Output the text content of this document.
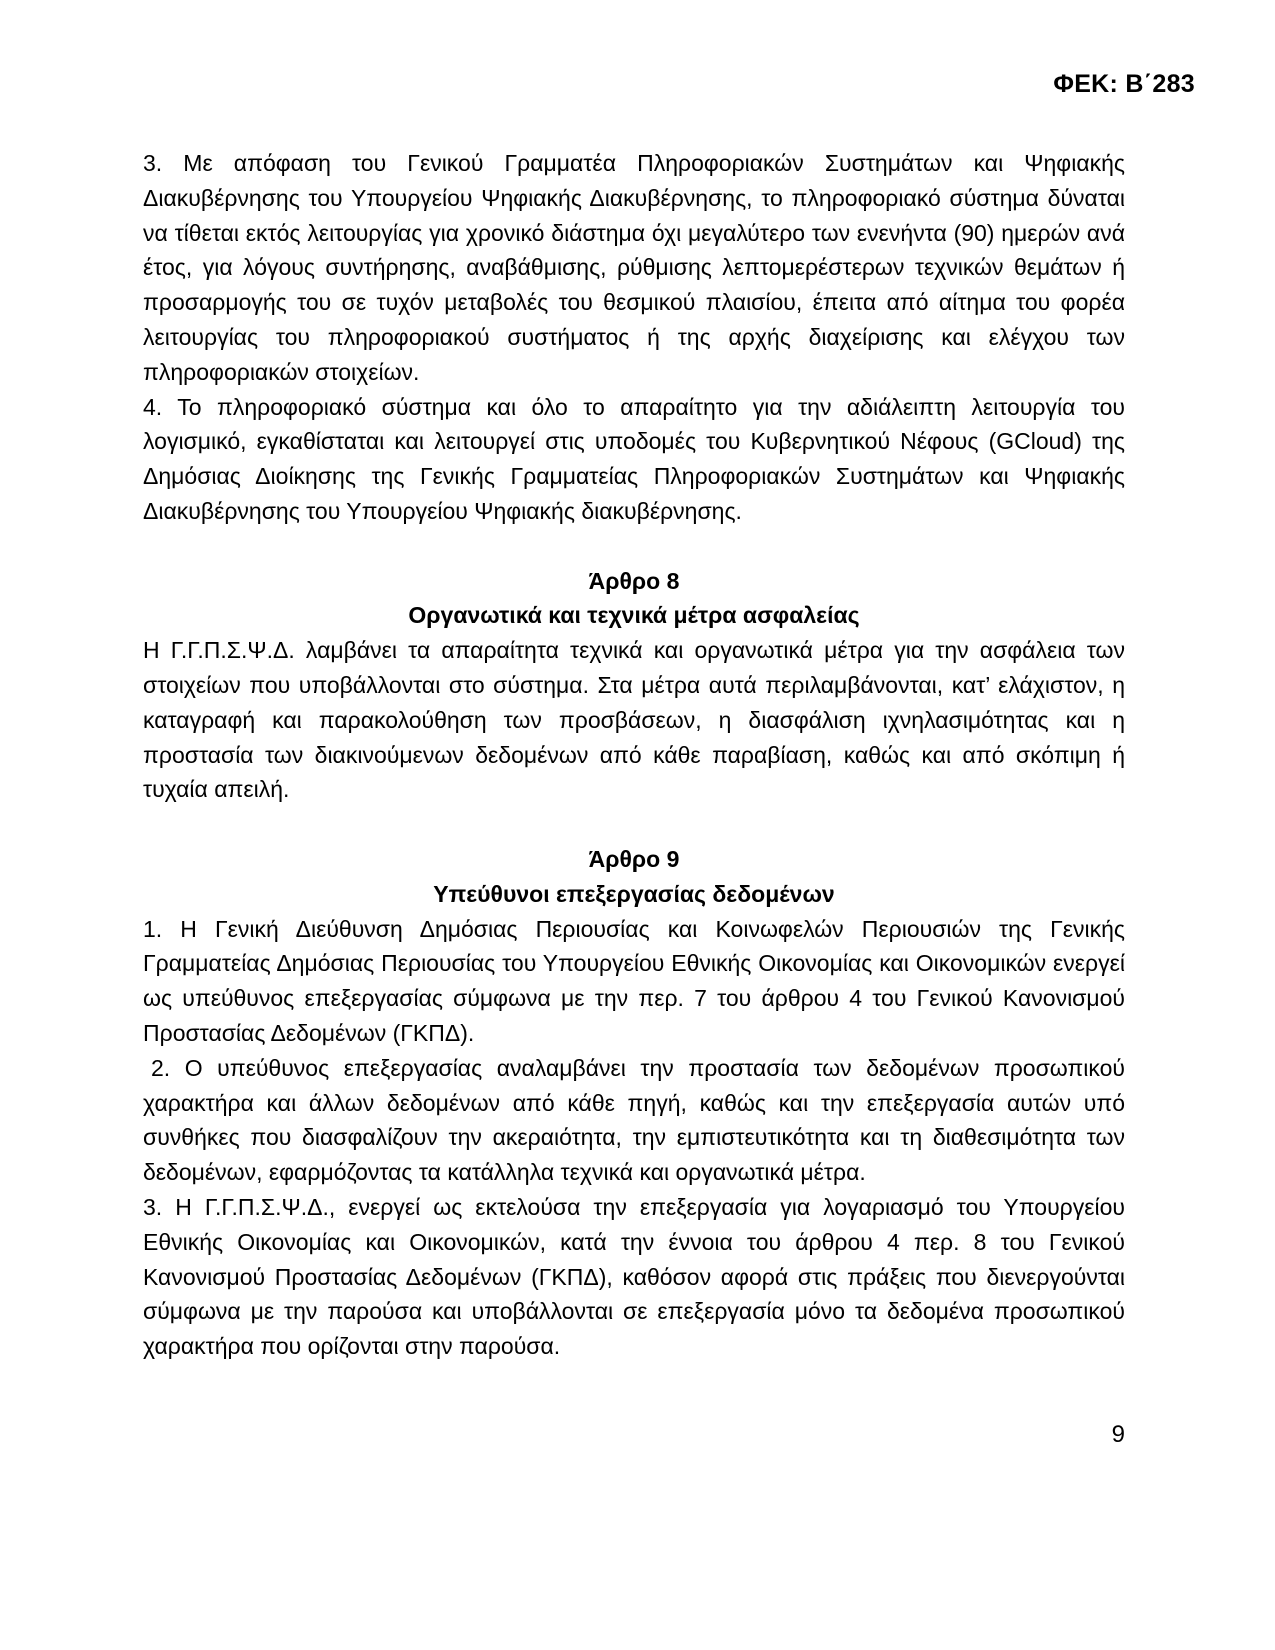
ΦΕΚ: Β΄283

3. Με απόφαση του Γενικού Γραμματέα Πληροφοριακών Συστημάτων και Ψηφιακής Διακυβέρνησης του Υπουργείου Ψηφιακής Διακυβέρνησης, το πληροφοριακό σύστημα δύναται να τίθεται εκτός λειτουργίας για χρονικό διάστημα όχι μεγαλύτερο των ενενήντα (90) ημερών ανά έτος, για λόγους συντήρησης, αναβάθμισης, ρύθμισης λεπτομερέστερων τεχνικών θεμάτων ή προσαρμογής του σε τυχόν μεταβολές του θεσμικού πλαισίου, έπειτα από αίτημα του φορέα λειτουργίας του πληροφοριακού συστήματος ή της αρχής διαχείρισης και ελέγχου των πληροφοριακών στοιχείων.

4. Το πληροφοριακό σύστημα και όλο το απαραίτητο για την αδιάλειπτη λειτουργία του λογισμικό, εγκαθίσταται και λειτουργεί στις υποδομές του Κυβερνητικού Νέφους (GCloud) της Δημόσιας Διοίκησης της Γενικής Γραμματείας Πληροφοριακών Συστημάτων και Ψηφιακής Διακυβέρνησης του Υπουργείου Ψηφιακής διακυβέρνησης.

Άρθρο 8
Οργανωτικά και τεχνικά μέτρα ασφαλείας

Η Γ.Γ.Π.Σ.Ψ.Δ. λαμβάνει τα απαραίτητα τεχνικά και οργανωτικά μέτρα για την ασφάλεια των στοιχείων που υποβάλλονται στο σύστημα. Στα μέτρα αυτά περιλαμβάνονται, κατ’ ελάχιστον, η καταγραφή και παρακολούθηση των προσβάσεων, η διασφάλιση ιχνηλασιμότητας και η προστασία των διακινούμενων δεδομένων από κάθε παραβίαση, καθώς και από σκόπιμη ή τυχαία απειλή.

Άρθρο 9
Υπεύθυνοι επεξεργασίας δεδομένων

1. Η Γενική Διεύθυνση Δημόσιας Περιουσίας και Κοινωφελών Περιουσιών της Γενικής Γραμματείας Δημόσιας Περιουσίας του Υπουργείου Εθνικής Οικονομίας και Οικονομικών ενεργεί ως υπεύθυνος επεξεργασίας σύμφωνα με την περ. 7 του άρθρου 4 του Γενικού Κανονισμού Προστασίας Δεδομένων (ΓΚΠΔ).

2. Ο υπεύθυνος επεξεργασίας αναλαμβάνει την προστασία των δεδομένων προσωπικού χαρακτήρα και άλλων δεδομένων από κάθε πηγή, καθώς και την επεξεργασία αυτών υπό συνθήκες που διασφαλίζουν την ακεραιότητα, την εμπιστευτικότητα και τη διαθεσιμότητα των δεδομένων, εφαρμόζοντας τα κατάλληλα τεχνικά και οργανωτικά μέτρα.

3. Η Γ.Γ.Π.Σ.Ψ.Δ., ενεργεί ως εκτελούσα την επεξεργασία για λογαριασμό του Υπουργείου Εθνικής Οικονομίας και Οικονομικών, κατά την έννοια του άρθρου 4 περ. 8 του Γενικού Κανονισμού Προστασίας Δεδομένων (ΓΚΠΔ), καθόσον αφορά στις πράξεις που διενεργούνται σύμφωνα με την παρούσα και υποβάλλονται σε επεξεργασία μόνο τα δεδομένα προσωπικού χαρακτήρα που ορίζονται στην παρούσα.

9
